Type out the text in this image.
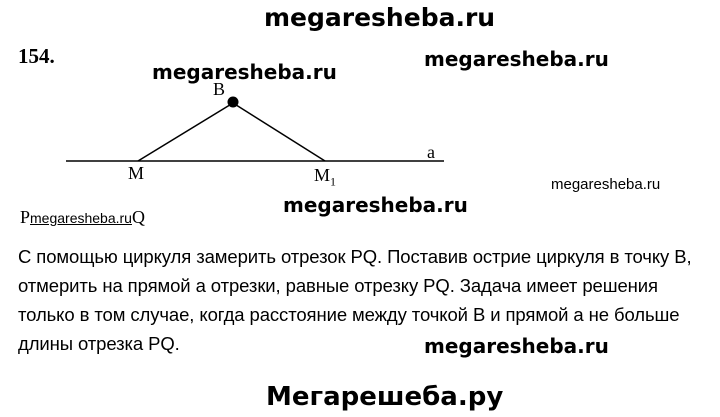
megaresheba.ru
154.
megaresheba.ru
megaresheba.ru
megaresheba.ru
megaresheba.ru
B
a
M	$M_1$
Pmegaresheba.ruQ
С помощью циркуля замерить отрезок PQ. Поставив острие циркуля в точку B, отмерить на прямой а отрезки, равные отрезку PQ. Задача имеет решения только в том случае, когда расстояние между точкой B и прямой а не больше длины отрезка PQ.	megaresheba.ru
Мегарешеба.ру
